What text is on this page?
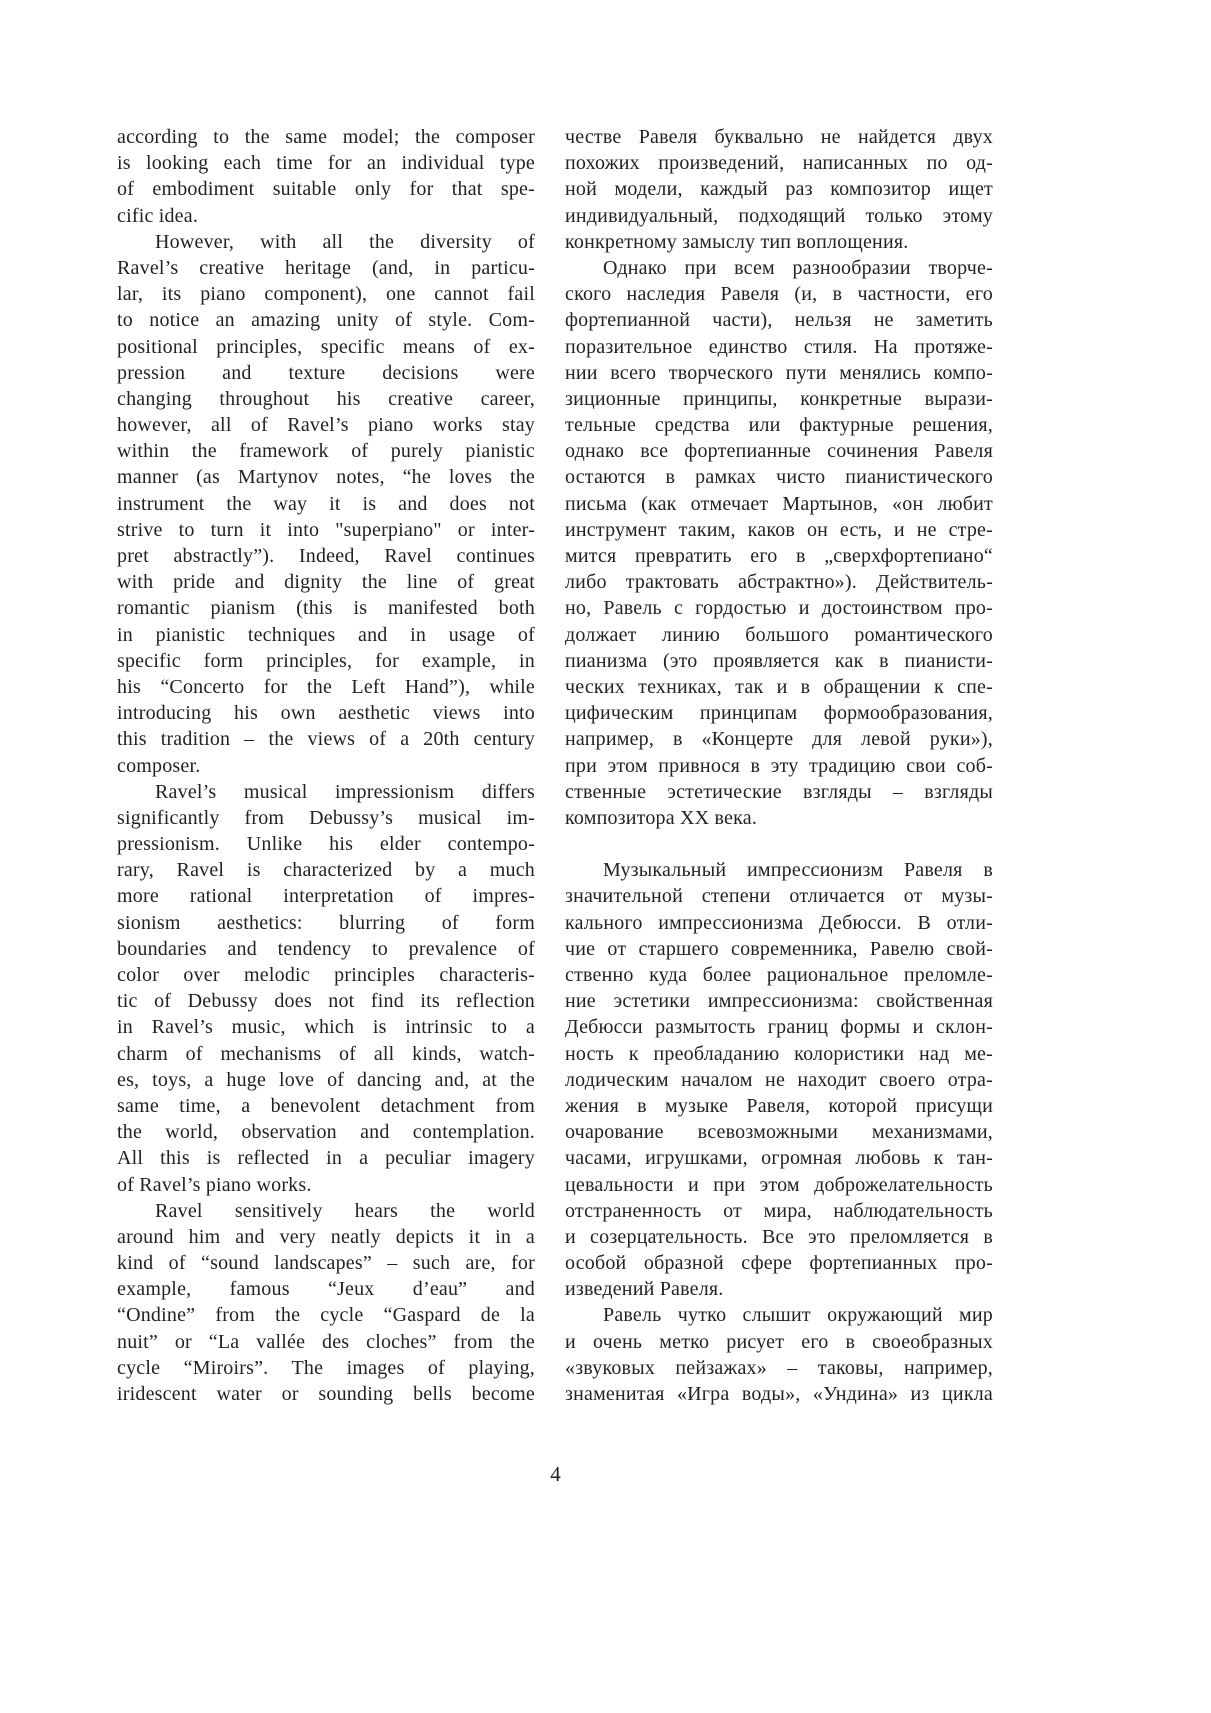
according to the same model; the composer
is looking each time for an individual type
of embodiment suitable only for that spe-
cific idea.
However, with all the diversity of
Ravel’s creative heritage (and, in particu-
lar, its piano component), one cannot fail
to notice an amazing unity of style. Com-
positional principles, specific means of ex-
pression and texture decisions were
changing throughout his creative career,
however, all of Ravel’s piano works stay
within the framework of purely pianistic
manner (as Martynov notes, “he loves the
instrument the way it is and does not
strive to turn it into "superpiano" or inter-
pret abstractly”). Indeed, Ravel continues
with pride and dignity the line of great
romantic pianism (this is manifested both
in pianistic techniques and in usage of
specific form principles, for example, in
his “Concerto for the Left Hand”), while
introducing his own aesthetic views into
this tradition – the views of a 20th century
composer.
Ravel’s musical impressionism differs
significantly from Debussy’s musical im-
pressionism. Unlike his elder contempo-
rary, Ravel is characterized by a much
more rational interpretation of impres-
sionism aesthetics: blurring of form
boundaries and tendency to prevalence of
color over melodic principles characteris-
tic of Debussy does not find its reflection
in Ravel’s music, which is intrinsic to a
charm of mechanisms of all kinds, watch-
es, toys, a huge love of dancing and, at the
same time, a benevolent detachment from
the world, observation and contemplation.
All this is reflected in a peculiar imagery
of Ravel’s piano works.
Ravel sensitively hears the world
around him and very neatly depicts it in a
kind of “sound landscapes” – such are, for
example, famous “Jeux d’eau” and
“Ondine” from the cycle “Gaspard de la
nuit” or “La vallée des cloches” from the
cycle “Miroirs”. The images of playing,
iridescent water or sounding bells become
честве Равеля буквально не найдется двух
похожих произведений, написанных по од-
ной модели, каждый раз композитор ищет
индивидуальный, подходящий только этому
конкретному замыслу тип воплощения.
Однако при всем разнообразии творче-
ского наследия Равеля (и, в частности, его
фортепианной части), нельзя не заметить
поразительное единство стиля. На протяже-
нии всего творческого пути менялись компо-
зиционные принципы, конкретные вырази-
тельные средства или фактурные решения,
однако все фортепианные сочинения Равеля
остаются в рамках чисто пианистического
письма (как отмечает Мартынов, «он любит
инструмент таким, каков он есть, и не стре-
мится превратить его в „сверхфортепиано“
либо трактовать абстрактно»). Действитель-
но, Равель с гордостью и достоинством про-
должает линию большого романтического
пианизма (это проявляется как в пианисти-
ческих техниках, так и в обращении к спе-
цифическим принципам формообразования,
например, в «Концерте для левой руки»),
при этом привнося в эту традицию свои соб-
ственные эстетические взгляды – взгляды
композитора XX века.
Музыкальный импрессионизм Равеля в
значительной степени отличается от музы-
кального импрессионизма Дебюсси. В отли-
чие от старшего современника, Равелю свой-
ственно куда более рациональное преломле-
ние эстетики импрессионизма: свойственная
Дебюсси размытость границ формы и склон-
ность к преобладанию колористики над ме-
лодическим началом не находит своего отра-
жения в музыке Равеля, которой присущи
очарование всевозможными механизмами,
часами, игрушками, огромная любовь к тан-
цевальности и при этом доброжелательность
отстраненность от мира, наблюдательность
и созерцательность. Все это преломляется в
особой образной сфере фортепианных про-
изведений Равеля.
Равель чутко слышит окружающий мир
и очень метко рисует его в своеобразных
«звуковых пейзажах» – таковы, например,
знаменитая «Игра воды», «Ундина» из цикла
4
